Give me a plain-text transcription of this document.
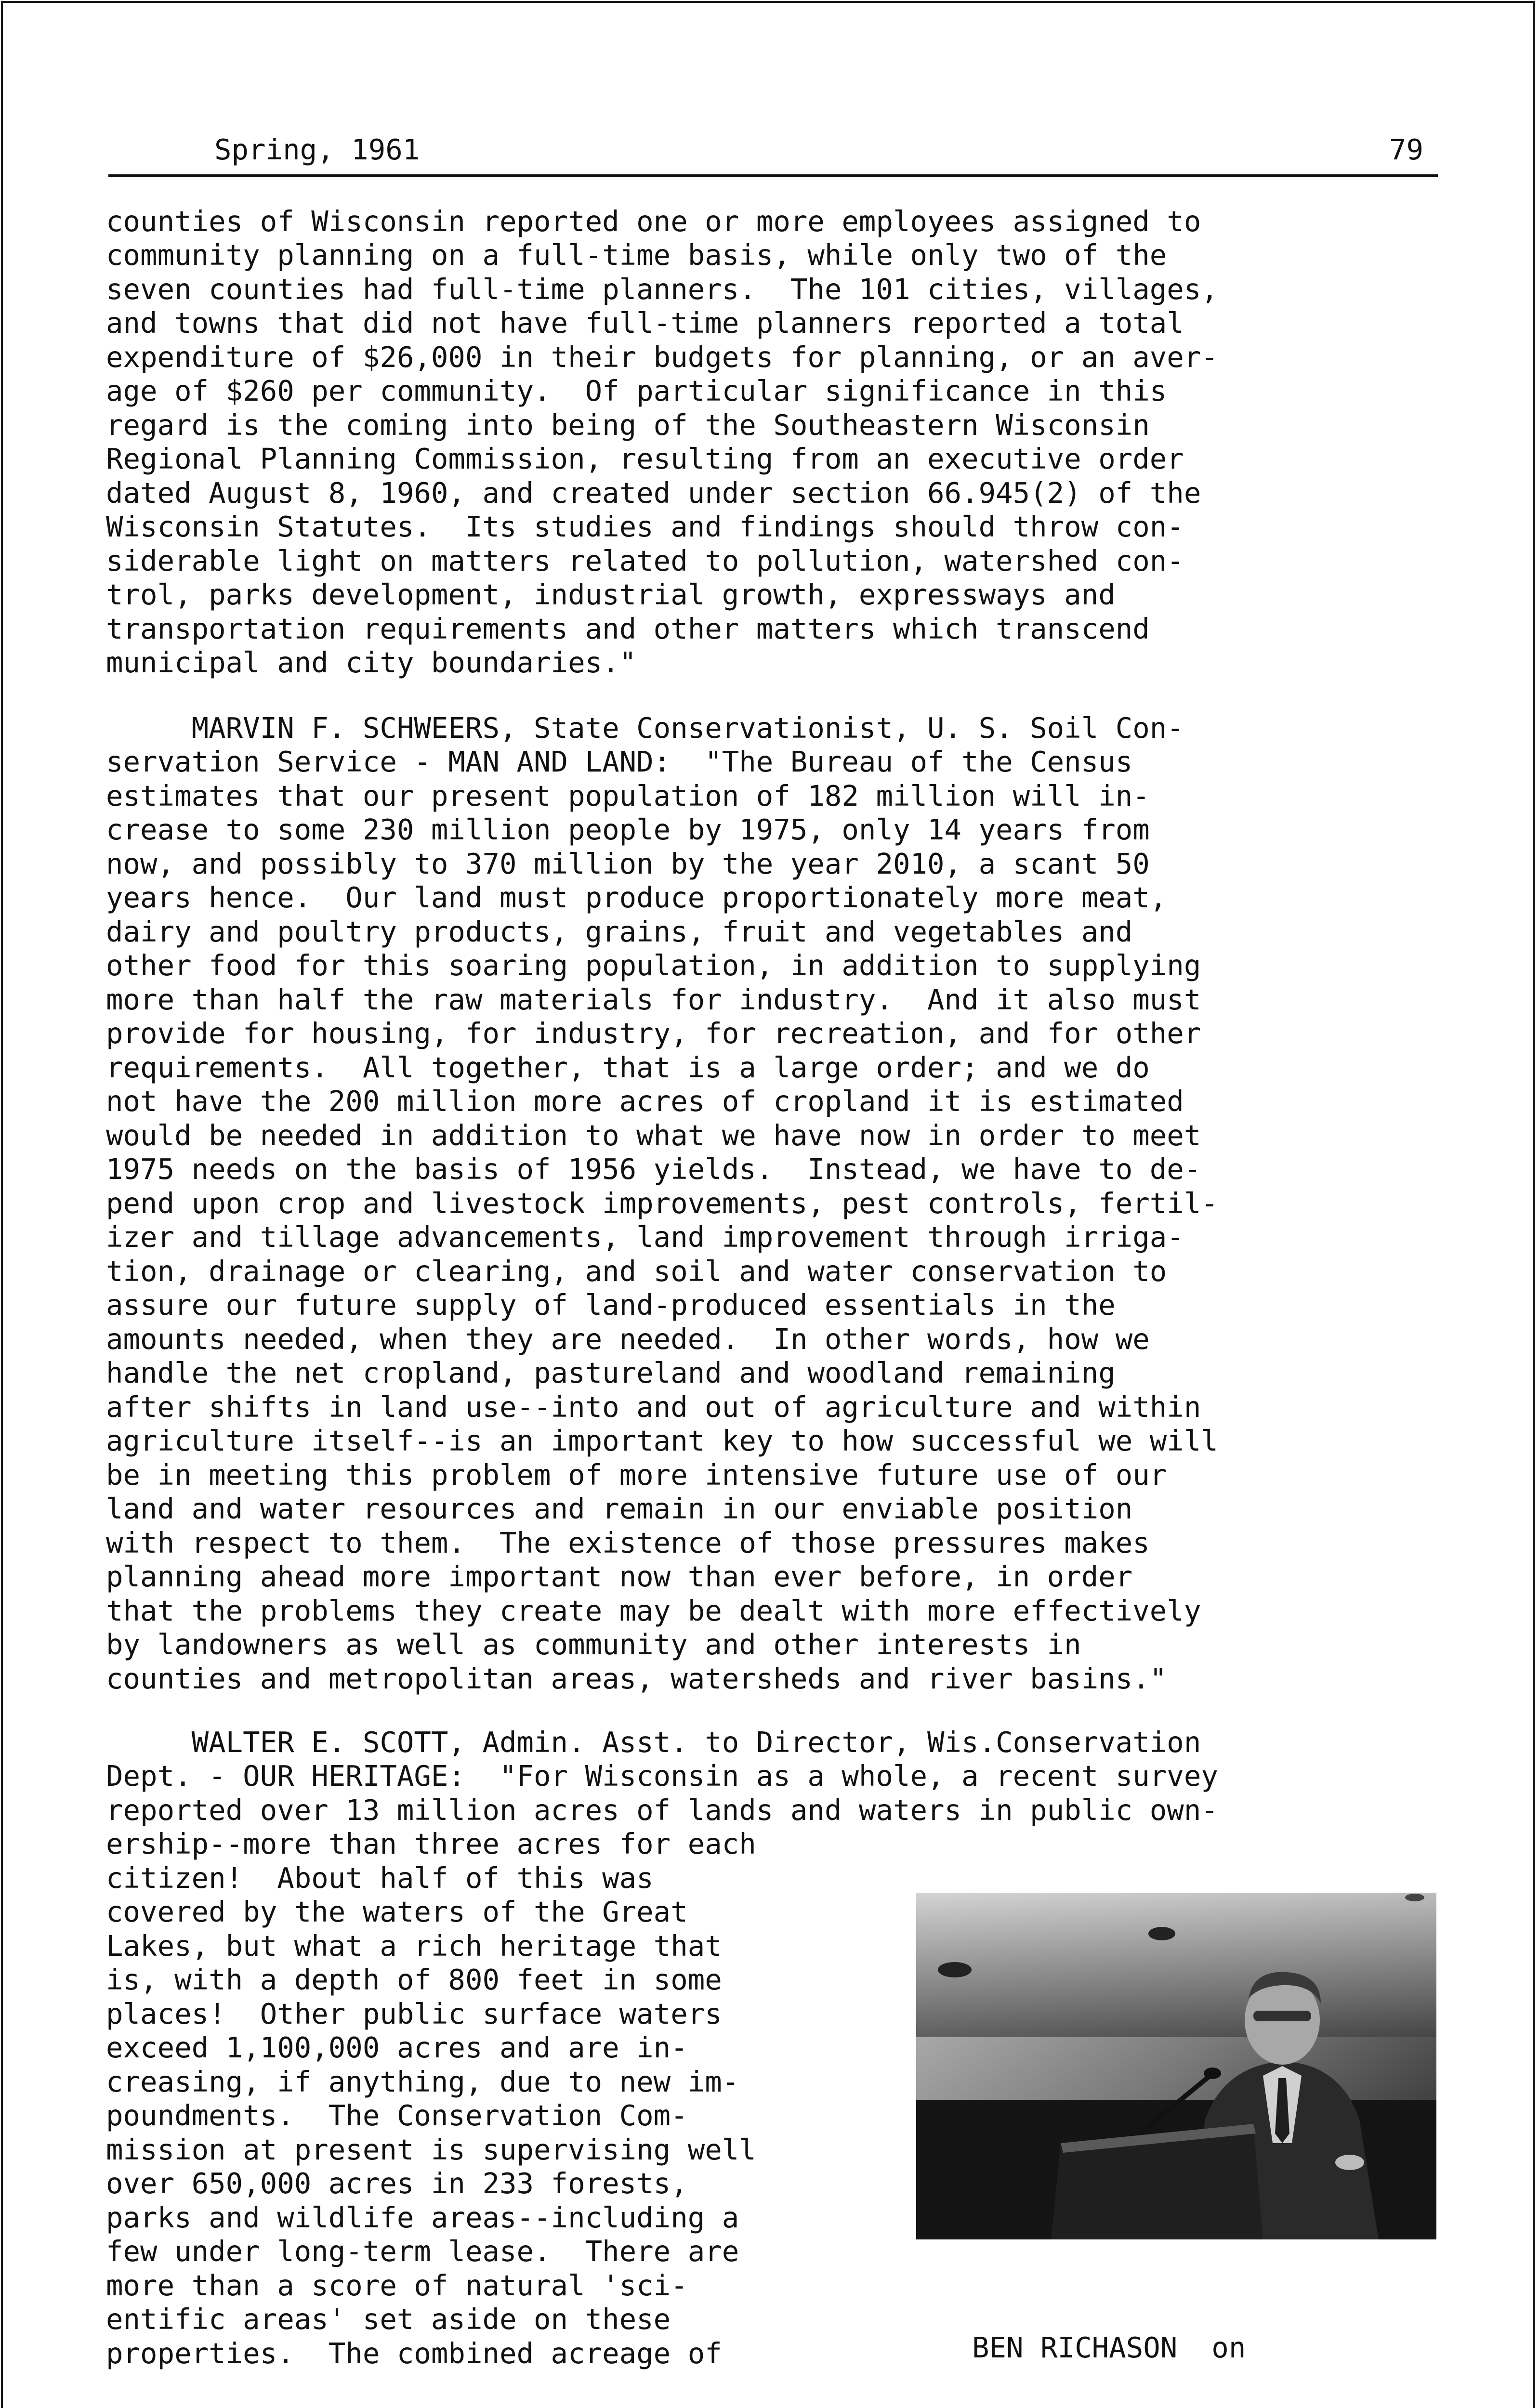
Spring, 1961	79
counties of Wisconsin reported one or more employees assigned to
community planning on a full-time basis, while only two of the
seven counties had full-time planners.  The 101 cities, villages,
and towns that did not have full-time planners reported a total
expenditure of $26,000 in their budgets for planning, or an aver-
age of $260 per community.  Of particular significance in this
regard is the coming into being of the Southeastern Wisconsin
Regional Planning Commission, resulting from an executive order
dated August 8, 1960, and created under section 66.945(2) of the
Wisconsin Statutes.  Its studies and findings should throw con-
siderable light on matters related to pollution, watershed con-
trol, parks development, industrial growth, expressways and
transportation requirements and other matters which transcend
municipal and city boundaries."
MARVIN F. SCHWEERS, State Conservationist, U. S. Soil Con-
servation Service - MAN AND LAND:  "The Bureau of the Census
estimates that our present population of 182 million will in-
crease to some 230 million people by 1975, only 14 years from
now, and possibly to 370 million by the year 2010, a scant 50
years hence.  Our land must produce proportionately more meat,
dairy and poultry products, grains, fruit and vegetables and
other food for this soaring population, in addition to supplying
more than half the raw materials for industry.  And it also must
provide for housing, for industry, for recreation, and for other
requirements.  All together, that is a large order; and we do
not have the 200 million more acres of cropland it is estimated
would be needed in addition to what we have now in order to meet
1975 needs on the basis of 1956 yields.  Instead, we have to de-
pend upon crop and livestock improvements, pest controls, fertil-
izer and tillage advancements, land improvement through irriga-
tion, drainage or clearing, and soil and water conservation to
assure our future supply of land-produced essentials in the
amounts needed, when they are needed.  In other words, how we
handle the net cropland, pastureland and woodland remaining
after shifts in land use--into and out of agriculture and within
agriculture itself--is an important key to how successful we will
be in meeting this problem of more intensive future use of our
land and water resources and remain in our enviable position
with respect to them.  The existence of those pressures makes
planning ahead more important now than ever before, in order
that the problems they create may be dealt with more effectively
by landowners as well as community and other interests in
counties and metropolitan areas, watersheds and river basins."
WALTER E. SCOTT, Admin. Asst. to Director, Wis.Conservation
Dept. - OUR HERITAGE:  "For Wisconsin as a whole, a recent survey
reported over 13 million acres of lands and waters in public own-
ership--more than three acres for each
citizen!  About half of this was
covered by the waters of the Great
Lakes, but what a rich heritage that
is, with a depth of 800 feet in some
places!  Other public surface waters
exceed 1,100,000 acres and are in-
creasing, if anything, due to new im-
poundments.  The Conservation Com-
mission at present is supervising well
over 650,000 acres in 233 forests,
parks and wildlife areas--including a
few under long-term lease.  There are
more than a score of natural 'sci-
entific areas' set aside on these
properties.  The combined acreage of

	BEN RICHASON  on
